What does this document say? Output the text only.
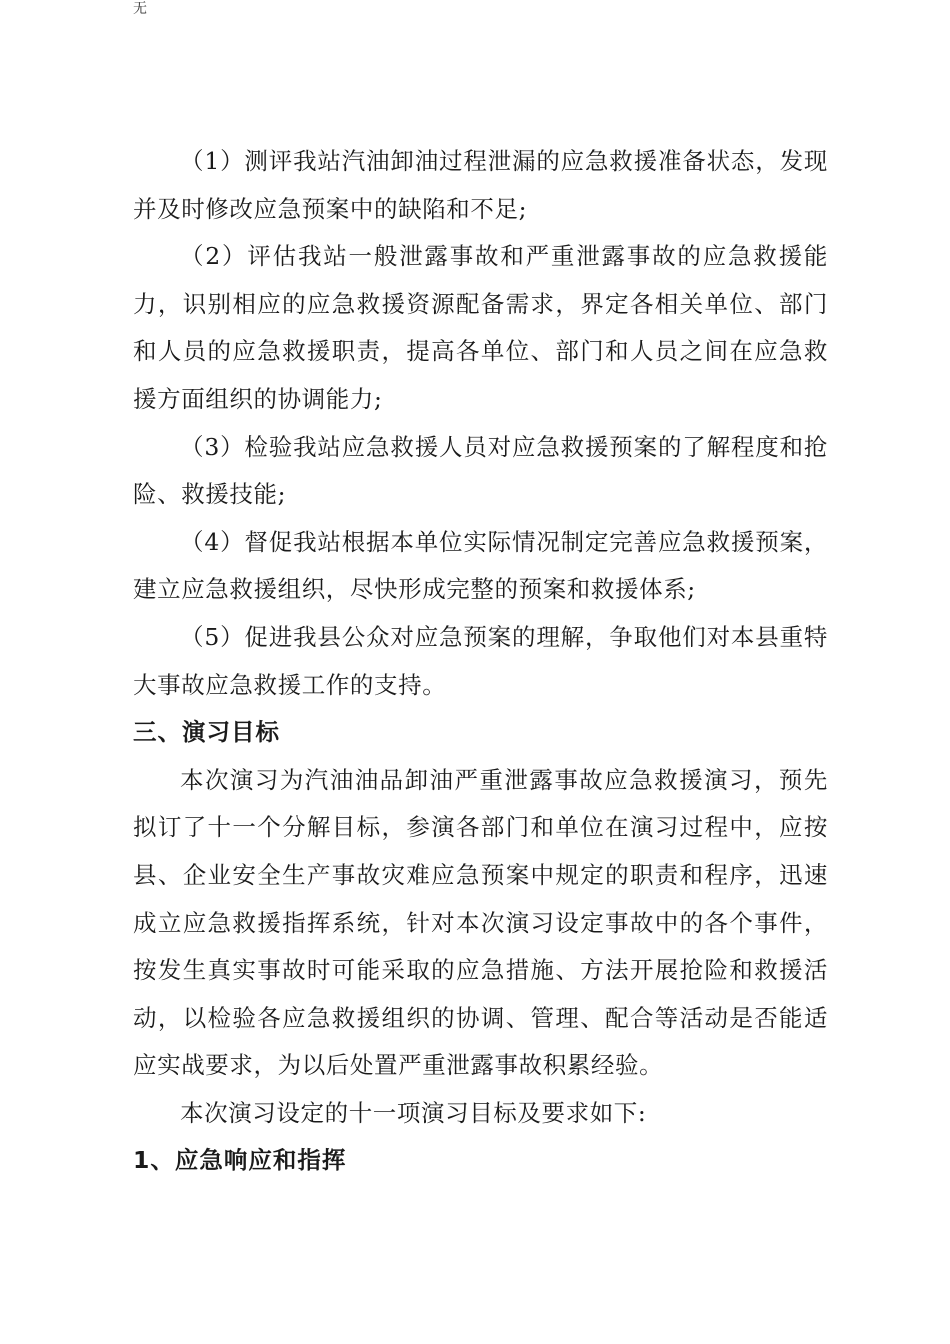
无

（1）测评我站汽油卸油过程泄漏的应急救援准备状态，发现并及时修改应急预案中的缺陷和不足;

（2）评估我站一般泄露事故和严重泄露事故的应急救援能力，识别相应的应急救援资源配备需求，界定各相关单位、部门和人员的应急救援职责，提高各单位、部门和人员之间在应急救援方面组织的协调能力;

（3）检验我站应急救援人员对应急救援预案的了解程度和抢险、救援技能;

（4）督促我站根据本单位实际情况制定完善应急救援预案，建立应急救援组织，尽快形成完整的预案和救援体系;

（5）促进我县公众对应急预案的理解，争取他们对本县重特大事故应急救援工作的支持。

三、演习目标

本次演习为汽油油品卸油严重泄露事故应急救援演习，预先拟订了十一个分解目标，参演各部门和单位在演习过程中，应按县、企业安全生产事故灾难应急预案中规定的职责和程序，迅速成立应急救援指挥系统，针对本次演习设定事故中的各个事件，按发生真实事故时可能采取的应急措施、方法开展抢险和救援活动，以检验各应急救援组织的协调、管理、配合等活动是否能适应实战要求，为以后处置严重泄露事故积累经验。

本次演习设定的十一项演习目标及要求如下:

1、应急响应和指挥
